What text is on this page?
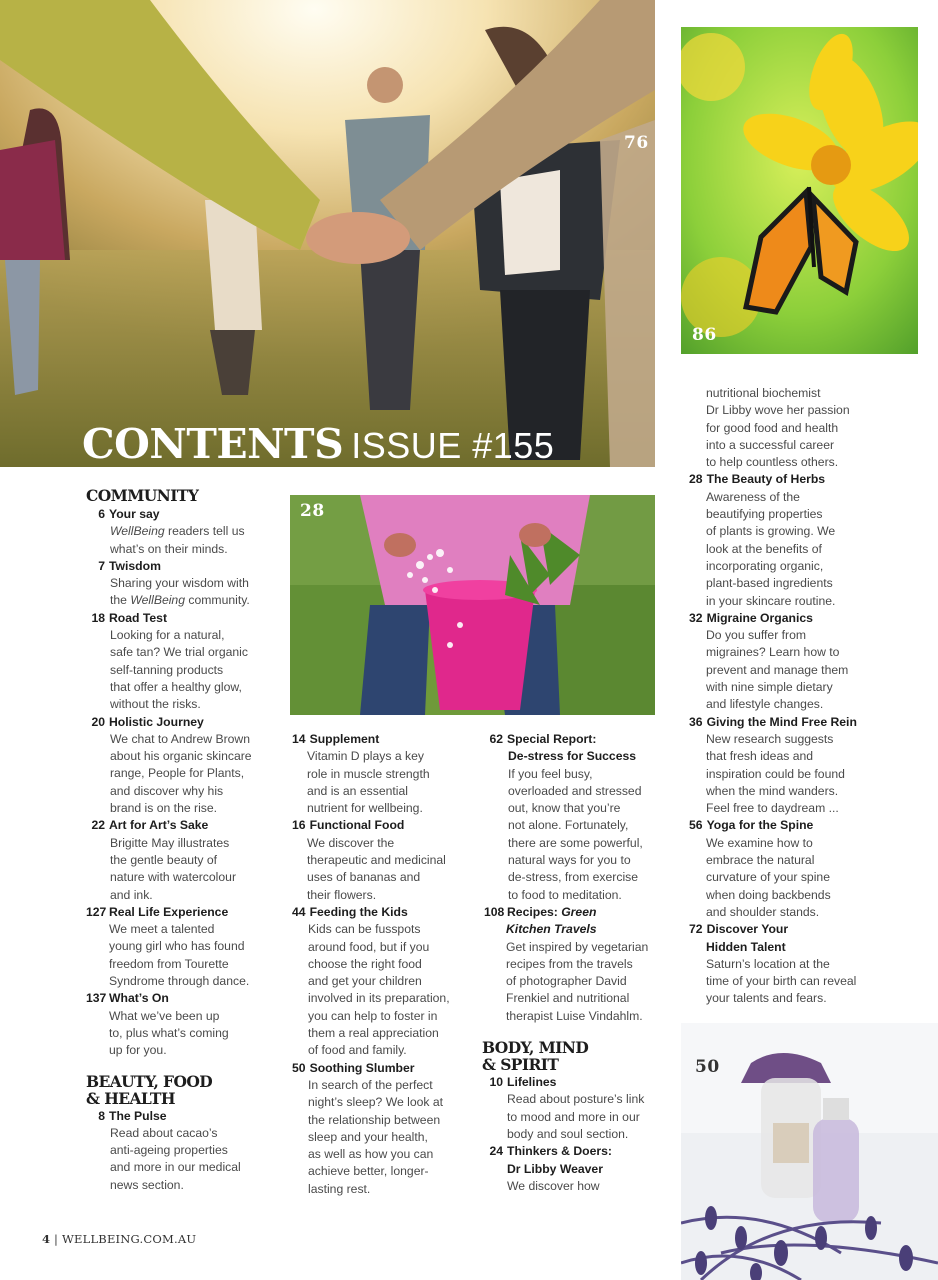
76
CONTENTS ISSUE #155
86
28
50
COMMUNITY
6 Your say
WellBeing readers tell us
what’s on their minds.
7 Twisdom
Sharing your wisdom with
the WellBeing community.
18 Road Test
Looking for a natural,
safe tan? We trial organic
self-tanning products
that offer a healthy glow,
without the risks.
20 Holistic Journey
We chat to Andrew Brown
about his organic skincare
range, People for Plants,
and discover why his
brand is on the rise.
22 Art for Art’s Sake
Brigitte May illustrates
the gentle beauty of
nature with watercolour
and ink.
127 Real Life Experience
We meet a talented
young girl who has found
freedom from Tourette
Syndrome through dance.
137 What’s On
What we’ve been up
to, plus what’s coming
up for you.
BEAUTY, FOOD
& HEALTH
8 The Pulse
Read about cacao’s
anti-ageing properties
and more in our medical
news section.
14 Supplement
Vitamin D plays a key
role in muscle strength
and is an essential
nutrient for wellbeing.
16 Functional Food
We discover the
therapeutic and medicinal
uses of bananas and
their flowers.
44 Feeding the Kids
Kids can be fusspots
around food, but if you
choose the right food
and get your children
involved in its preparation,
you can help to foster in
them a real appreciation
of food and family.
50 Soothing Slumber
In search of the perfect
night’s sleep? We look at
the relationship between
sleep and your health,
as well as how you can
achieve better, longer-
lasting rest.
62 Special Report:
De-stress for Success
If you feel busy,
overloaded and stressed
out, know that you’re
not alone. Fortunately,
there are some powerful,
natural ways for you to
de-stress, from exercise
to food to meditation.
108 Recipes: Green
Kitchen Travels
Get inspired by vegetarian
recipes from the travels
of photographer David
Frenkiel and nutritional
therapist Luise Vindahlm.
BODY, MIND
& SPIRIT
10 Lifelines
Read about posture’s link
to mood and more in our
body and soul section.
24 Thinkers & Doers:
Dr Libby Weaver
We discover how
nutritional biochemist
Dr Libby wove her passion
for good food and health
into a successful career
to help countless others.
28 The Beauty of Herbs
Awareness of the
beautifying properties
of plants is growing. We
look at the benefits of
incorporating organic,
plant-based ingredients
in your skincare routine.
32 Migraine Organics
Do you suffer from
migraines? Learn how to
prevent and manage them
with nine simple dietary
and lifestyle changes.
36 Giving the Mind Free Rein
New research suggests
that fresh ideas and
inspiration could be found
when the mind wanders.
Feel free to daydream ...
56 Yoga for the Spine
We examine how to
embrace the natural
curvature of your spine
when doing backbends
and shoulder stands.
72 Discover Your
Hidden Talent
Saturn’s location at the
time of your birth can reveal
your talents and fears.
4 | WELLBEING.COM.AU
